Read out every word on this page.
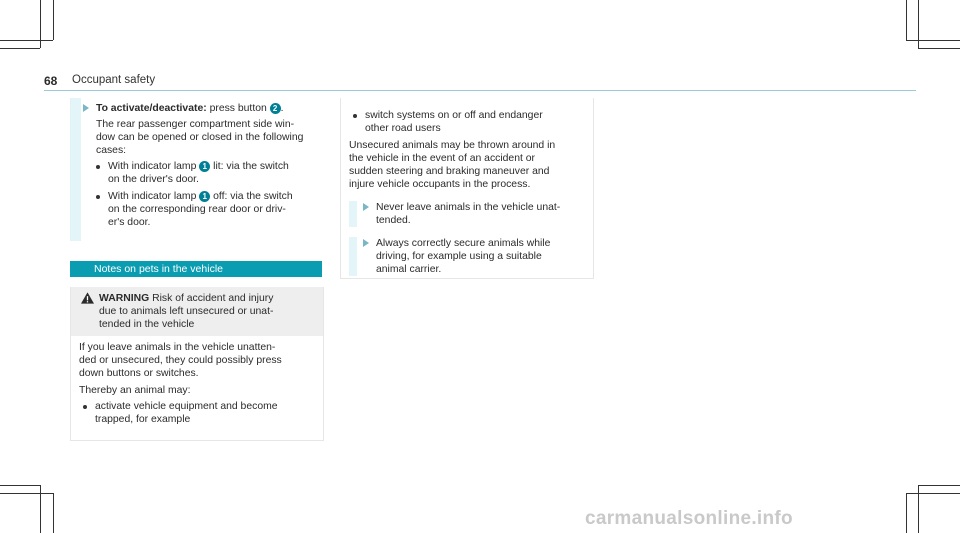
68 Occupant safety
To activate/deactivate: press button 2 .
The rear passenger compartment side win-
dow can be opened or closed in the following
cases:
With indicator lamp 1 lit: via the switch
on the driver's door.
With indicator lamp 1 off: via the switch
on the corresponding rear door or driv-
er's door.
Notes on pets in the vehicle
WARNING Risk of accident and injury
due to animals left unsecured or unat-
tended in the vehicle
If you leave animals in the vehicle unatten-
ded or unsecured, they could possibly press
down buttons or switches.
Thereby an animal may:
activate vehicle equipment and become
trapped, for example
switch systems on or off and endanger
other road users
Unsecured animals may be thrown around in
the vehicle in the event of an accident or
sudden steering and braking maneuver and
injure vehicle occupants in the process.
Never leave animals in the vehicle unat-
tended.
Always correctly secure animals while
driving, for example using a suitable
animal carrier.
carmanualsonline.info
